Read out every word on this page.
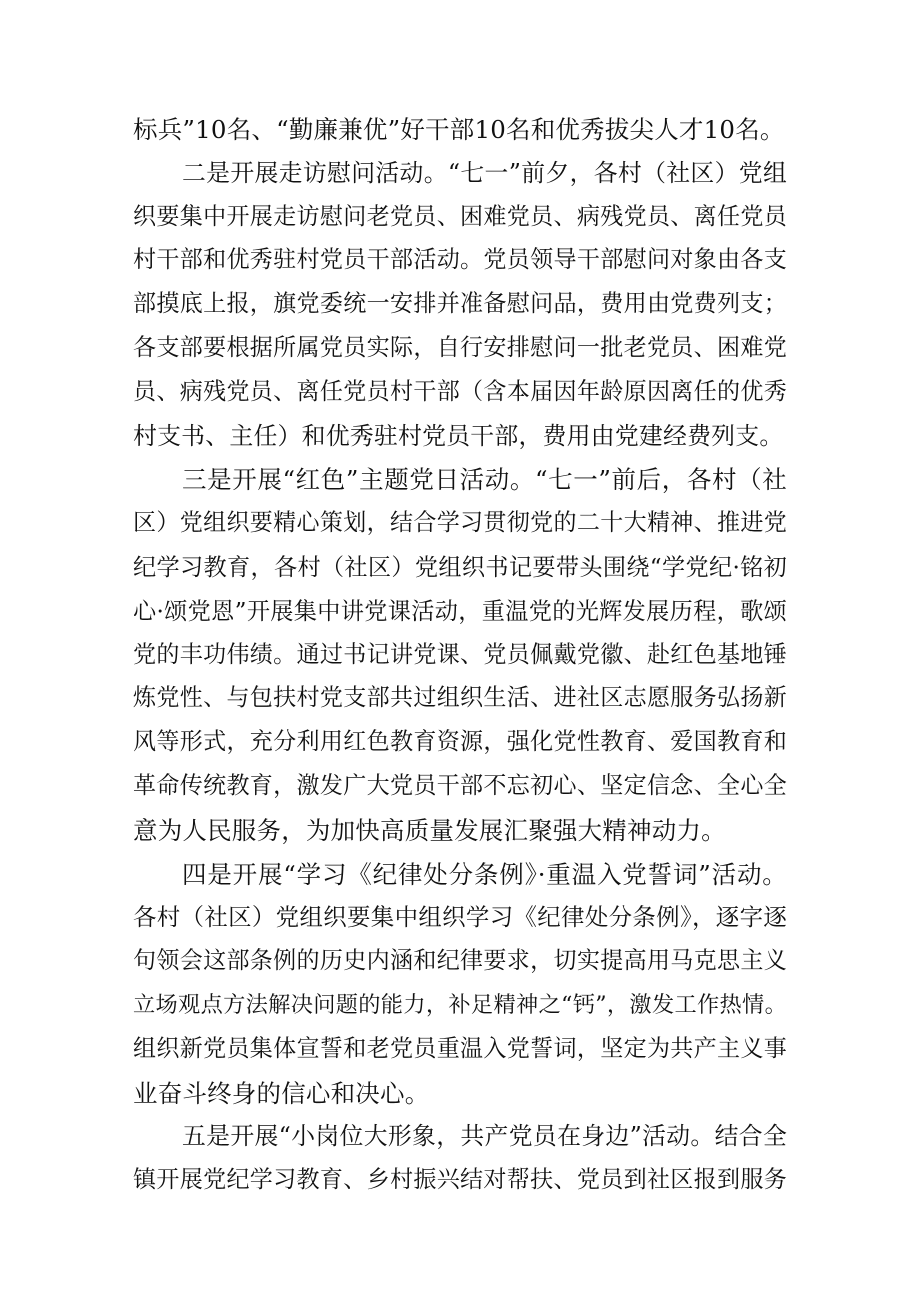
标兵”10名、“勤廉兼优”好干部10名和优秀拔尖人才10名。
二是开展走访慰问活动。“七一”前夕，各村（社区）党组
织要集中开展走访慰问老党员、困难党员、病残党员、离任党员
村干部和优秀驻村党员干部活动。党员领导干部慰问对象由各支
部摸底上报，旗党委统一安排并准备慰问品，费用由党费列支；
各支部要根据所属党员实际，自行安排慰问一批老党员、困难党
员、病残党员、离任党员村干部（含本届因年龄原因离任的优秀
村支书、主任）和优秀驻村党员干部，费用由党建经费列支。
三是开展“红色”主题党日活动。“七一”前后，各村（社
区）党组织要精心策划，结合学习贯彻党的二十大精神、推进党
纪学习教育，各村（社区）党组织书记要带头围绕“学党纪·铭初
心·颂党恩”开展集中讲党课活动，重温党的光辉发展历程，歌颂
党的丰功伟绩。通过书记讲党课、党员佩戴党徽、赴红色基地锤
炼党性、与包扶村党支部共过组织生活、进社区志愿服务弘扬新
风等形式，充分利用红色教育资源，强化党性教育、爱国教育和
革命传统教育，激发广大党员干部不忘初心、坚定信念、全心全
意为人民服务，为加快高质量发展汇聚强大精神动力。
四是开展“学习《纪律处分条例》·重温入党誓词”活动。
各村（社区）党组织要集中组织学习《纪律处分条例》，逐字逐
句领会这部条例的历史内涵和纪律要求，切实提高用马克思主义
立场观点方法解决问题的能力，补足精神之“钙”，激发工作热情。
组织新党员集体宣誓和老党员重温入党誓词，坚定为共产主义事
业奋斗终身的信心和决心。
五是开展“小岗位大形象，共产党员在身边”活动。结合全
镇开展党纪学习教育、乡村振兴结对帮扶、党员到社区报到服务
